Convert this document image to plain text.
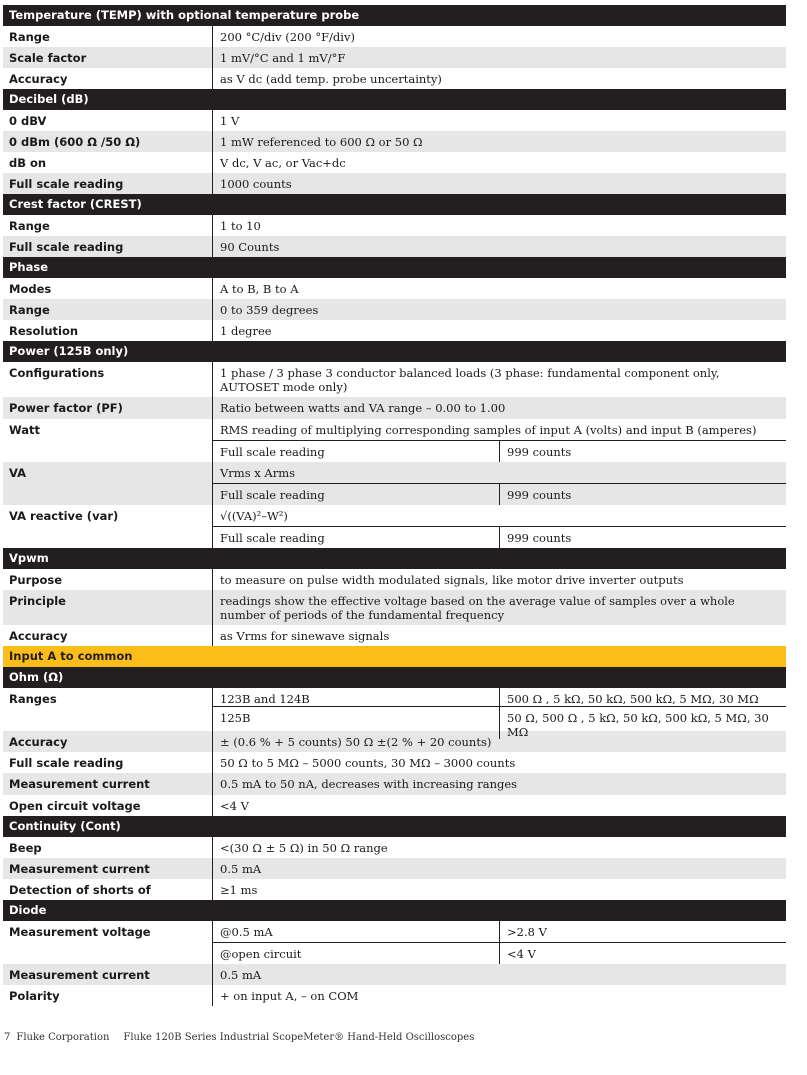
Temperature (TEMP) with optional temperature probe
Range	200 °C/div (200 °F/div)
Scale factor	1 mV/°C and 1 mV/°F
Accuracy	as V dc (add temp. probe uncertainty)
Decibel (dB)
0 dBV	1 V
0 dBm (600 Ω /50 Ω)	1 mW referenced to 600 Ω or 50 Ω
dB on	V dc, V ac, or Vac+dc
Full scale reading	1000 counts
Crest factor (CREST)
Range	1 to 10
Full scale reading	90 Counts
Phase
Modes	A to B, B to A
Range	0 to 359 degrees
Resolution	1 degree
Power (125B only)
Configurations	1 phase / 3 phase 3 conductor balanced loads (3 phase: fundamental component only, AUTOSET mode only)
Power factor (PF)	Ratio between watts and VA range – 0.00 to 1.00
Watt	RMS reading of multiplying corresponding samples of input A (volts) and input B (amperes)
Full scale reading	999 counts
VA	Vrms x Arms
Full scale reading	999 counts
VA reactive (var)	√((VA)²–W²)
Full scale reading	999 counts
Vpwm
Purpose	to measure on pulse width modulated signals, like motor drive inverter outputs
Principle	readings show the effective voltage based on the average value of samples over a whole number of periods of the fundamental frequency
Accuracy	as Vrms for sinewave signals
Input A to common
Ohm (Ω)
Ranges	123B and 124B	500 Ω , 5 kΩ, 50 kΩ, 500 kΩ, 5 MΩ, 30 MΩ
125B	50 Ω, 500 Ω , 5 kΩ, 50 kΩ, 500 kΩ, 5 MΩ, 30 MΩ
Accuracy	± (0.6 % + 5 counts) 50 Ω ±(2 % + 20 counts)
Full scale reading	50 Ω to 5 MΩ – 5000 counts, 30 MΩ – 3000 counts
Measurement current	0.5 mA to 50 nA, decreases with increasing ranges
Open circuit voltage	<4 V
Continuity (Cont)
Beep	<(30 Ω ± 5 Ω) in 50 Ω range
Measurement current	0.5 mA
Detection of shorts of	≥1 ms
Diode
Measurement voltage	@0.5 mA	>2.8 V
@open circuit	<4 V
Measurement current	0.5 mA
Polarity	+ on input A, – on COM
7 Fluke Corporation Fluke 120B Series Industrial ScopeMeter® Hand-Held Oscilloscopes
